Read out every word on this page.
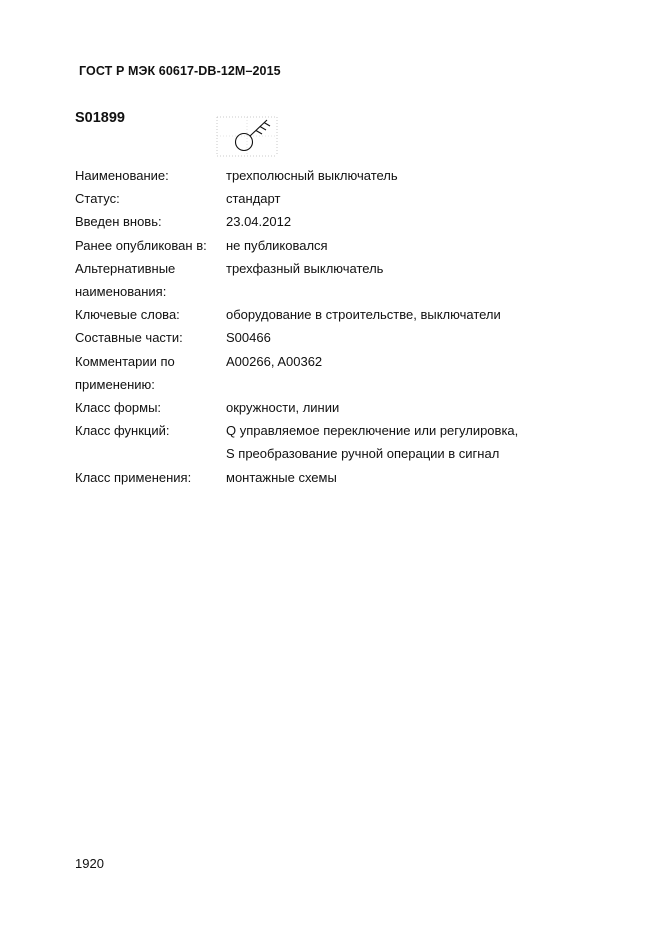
ГОСТ Р МЭК 60617-DB-12M–2015
S01899
Наименование:	трехполюсный выключатель
Статус:	стандарт
Введен вновь:	23.04.2012
Ранее опубликован в:	не публиковался
Альтернативные
наименования:
трехфазный выключатель
Ключевые слова:	оборудование в строительстве, выключатели
Составные части:	S00466
Комментарии по
применению:
A00266, A00362
Класс формы:	окружности, линии
Класс функций:	Q управляемое переключение или регулировка,
S преобразование ручной операции в сигнал
Класс применения:	монтажные схемы
1920
